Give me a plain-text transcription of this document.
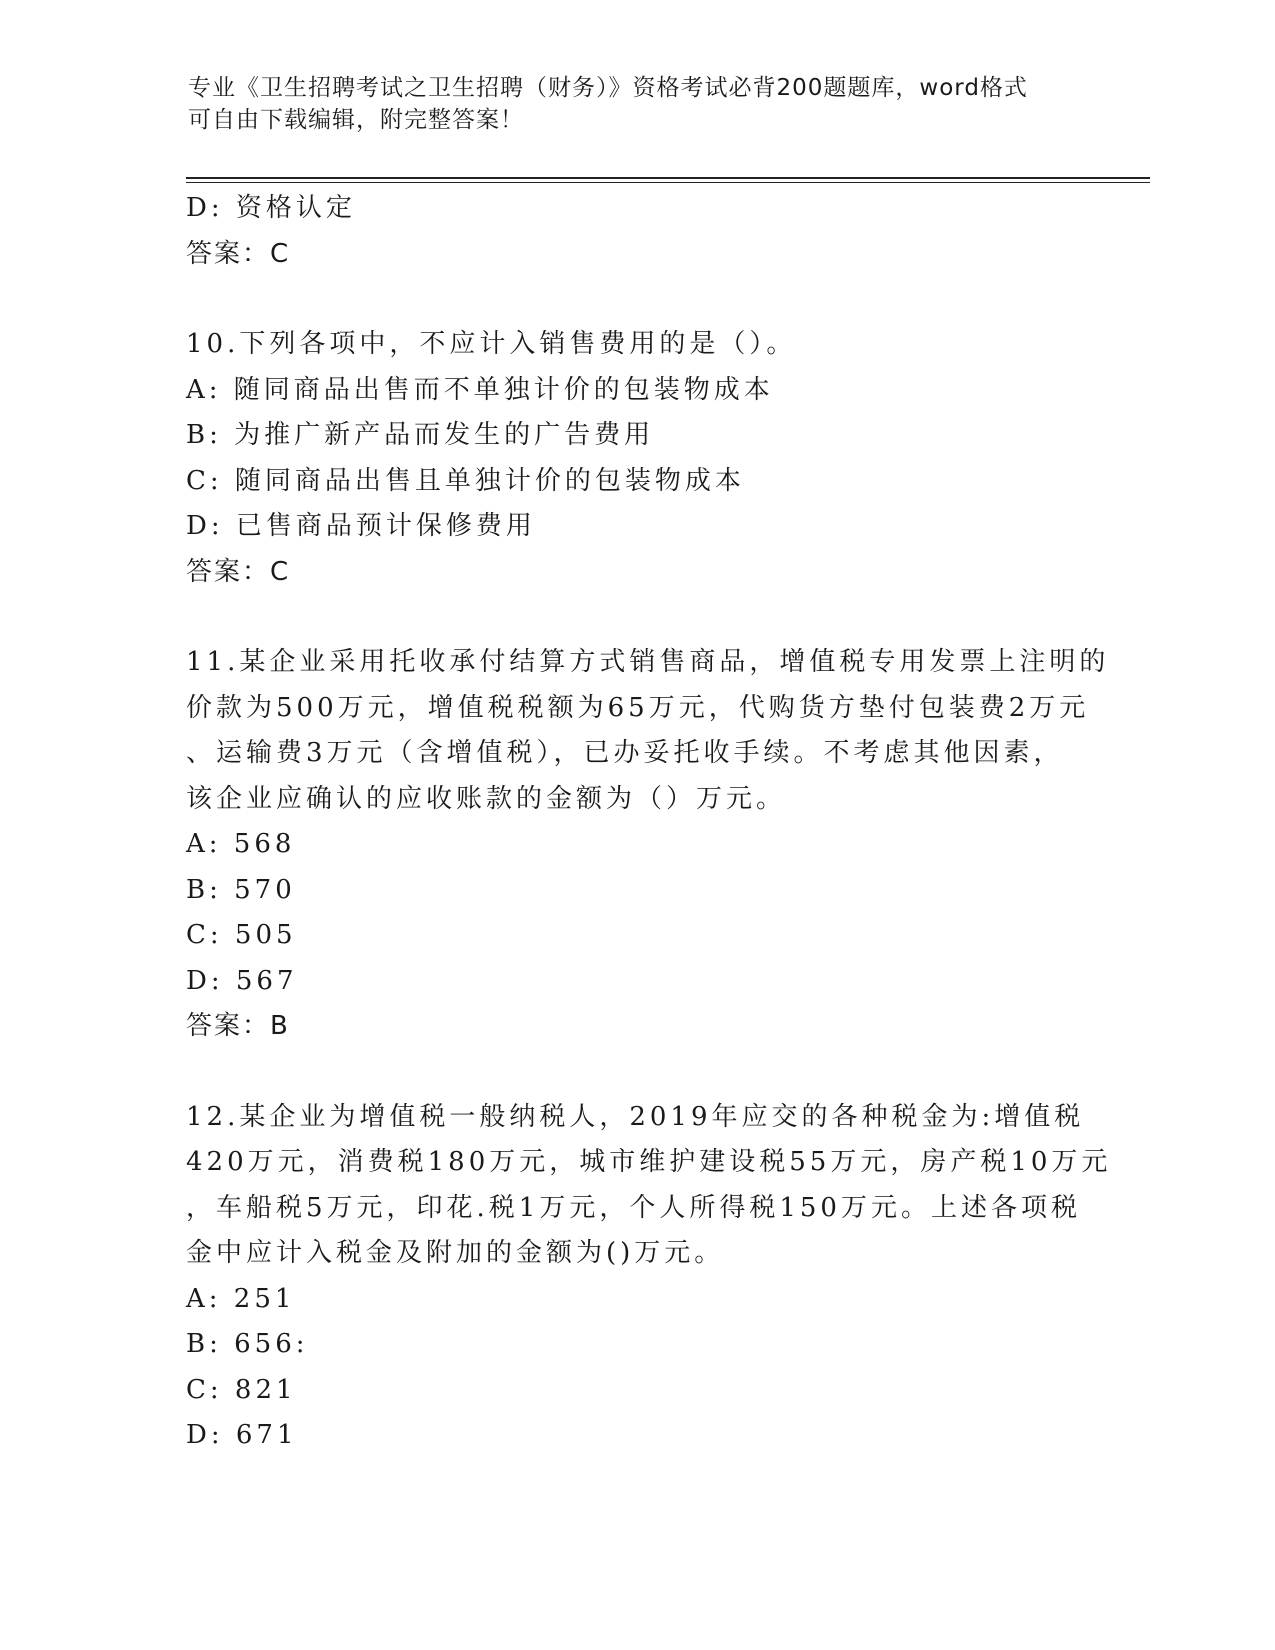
专业《卫生招聘考试之卫生招聘（财务）》资格考试必背200题题库，word格式
可自由下载编辑，附完整答案！
D: 资格认定
答案：C
10.下列各项中，不应计入销售费用的是（）。
A: 随同商品出售而不单独计价的包装物成本
B: 为推广新产品而发生的广告费用
C: 随同商品出售且单独计价的包装物成本
D: 已售商品预计保修费用
答案：C
11.某企业采用托收承付结算方式销售商品，增值税专用发票上注明的
价款为500万元，增值税税额为65万元，代购货方垫付包装费2万元
、运输费3万元（含增值税），已办妥托收手续。不考虑其他因素，
该企业应确认的应收账款的金额为（）万元。
A: 568
B: 570
C: 505
D: 567
答案：B
12.某企业为增值税一般纳税人，2019年应交的各种税金为:增值税
420万元，消费税180万元，城市维护建设税55万元，房产税10万元
，车船税5万元，印花.税1万元，个人所得税150万元。上述各项税
金中应计入税金及附加的金额为()万元。
A: 251
B: 656:
C: 821
D: 671
